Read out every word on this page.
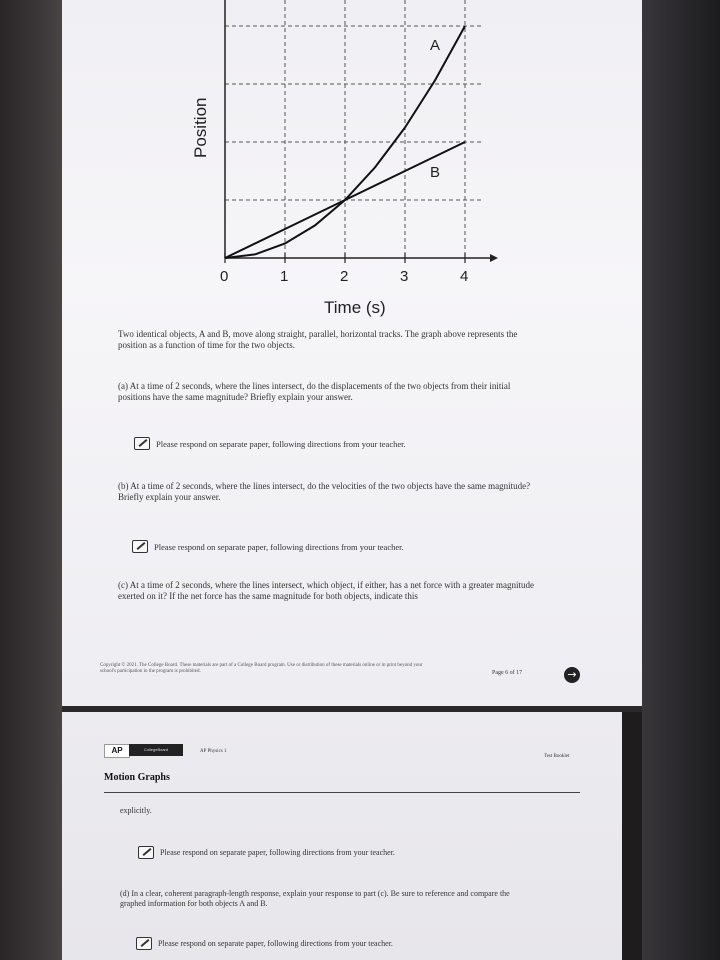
0	1	2	3	4
A
B
Position
Time (s)
Two identical objects, A and B, move along straight, parallel, horizontal tracks. The graph above represents the position as a function of time for the two objects.
(a) At a time of 2 seconds, where the lines intersect, do the displacements of the two objects from their initial positions have the same magnitude? Briefly explain your answer.
Please respond on separate paper, following directions from your teacher.
(b) At a time of 2 seconds, where the lines intersect, do the velocities of the two objects have the same magnitude? Briefly explain your answer.
Please respond on separate paper, following directions from your teacher.
(c) At a time of 2 seconds, where the lines intersect, which object, if either, has a net force with a greater magnitude exerted on it? If the net force has the same magnitude for both objects, indicate this
Copyright © 2021. The College Board. These materials are part of a College Board program. Use or distribution of these materials online or in print beyond your school's participation in the program is prohibited.	Page 6 of 17	→
AP	CollegeBoard	AP Physics 1
Test Booklet
Motion Graphs
explicitly.
Please respond on separate paper, following directions from your teacher.
(d) In a clear, coherent paragraph-length response, explain your response to part (c). Be sure to reference and compare the graphed information for both objects A and B.
Please respond on separate paper, following directions from your teacher.
